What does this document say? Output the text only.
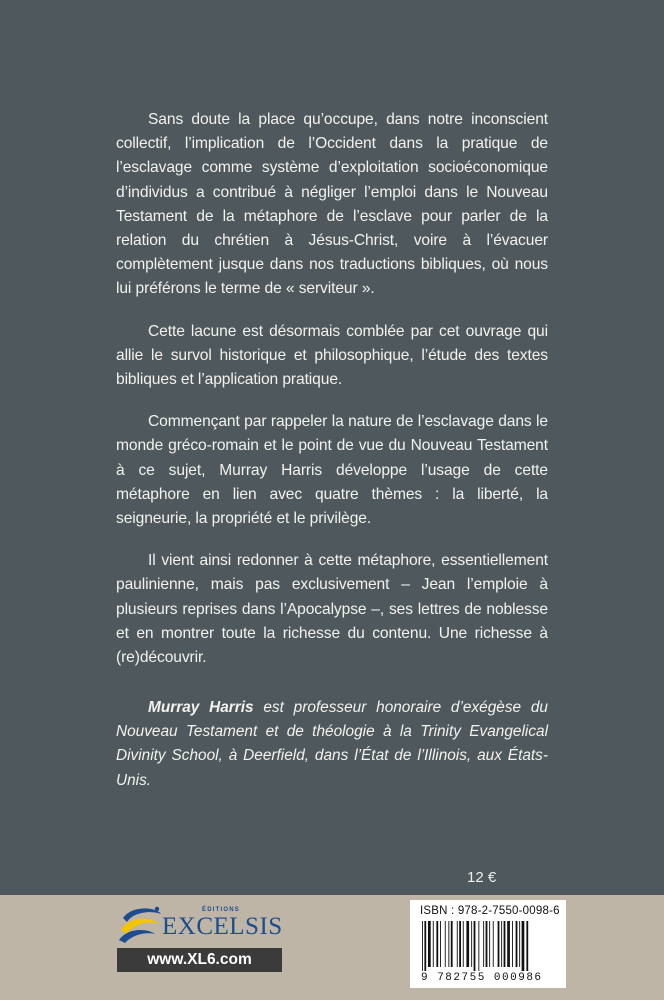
Sans doute la place qu’occupe, dans notre inconscient collectif, l’implication de l’Occident dans la pratique de l’esclavage comme système d’exploitation socioéconomique d’individus a contribué à négliger l’emploi dans le Nouveau Testament de la métaphore de l’esclave pour parler de la relation du chrétien à Jésus-Christ, voire à l’évacuer complètement jusque dans nos traductions bibliques, où nous lui préférons le terme de « serviteur ».

Cette lacune est désormais comblée par cet ouvrage qui allie le survol historique et philosophique, l’étude des textes bibliques et l’application pratique.

Commençant par rappeler la nature de l’esclavage dans le monde gréco-romain et le point de vue du Nouveau Testament à ce sujet, Murray Harris développe l’usage de cette métaphore en lien avec quatre thèmes : la liberté, la seigneurie, la propriété et le privilège.

Il vient ainsi redonner à cette métaphore, essentiellement paulinienne, mais pas exclusivement – Jean l’emploie à plusieurs reprises dans l’Apocalypse –, ses lettres de noblesse et en montrer toute la richesse du contenu. Une richesse à (re)découvrir.

Murray Harris est professeur honoraire d’exégèse du Nouveau Testament et de théologie à la Trinity Evangelical Divinity School, à Deerfield, dans l’État de l’Illinois, aux États-Unis.
12 €
ÉDITIONS
EXCELSIS
www.XL6.com
ISBN : 978-2-7550-0098-6
9 782755 000986
